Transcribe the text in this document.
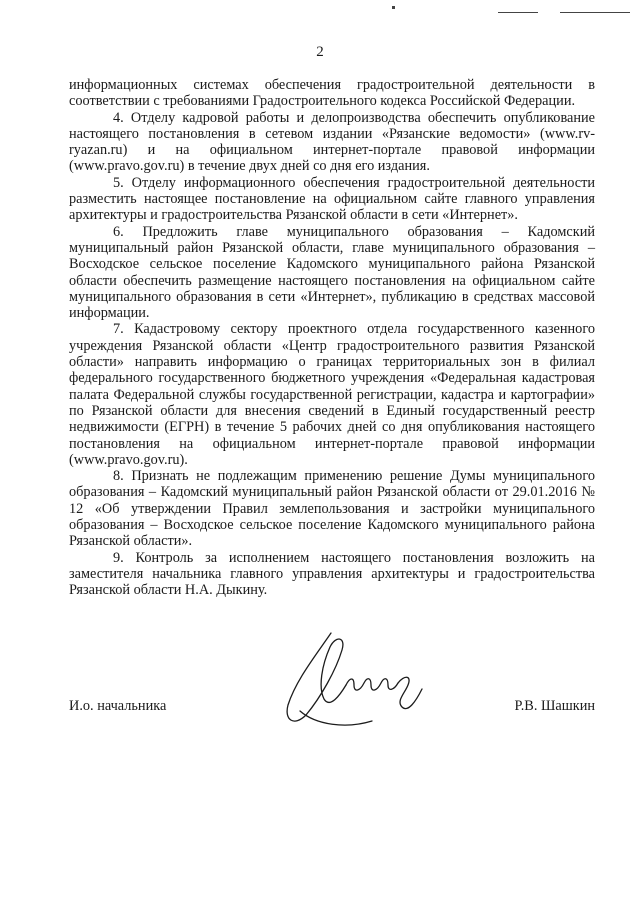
2

информационных системах обеспечения градостроительной деятельности в соответствии с требованиями Градостроительного кодекса Российской Федерации.

4. Отделу кадровой работы и делопроизводства обеспечить опубликование настоящего постановления в сетевом издании «Рязанские ведомости» (www.rv-ryazan.ru) и на официальном интернет-портале правовой информации (www.pravo.gov.ru) в течение двух дней со дня его издания.

5. Отделу информационного обеспечения градостроительной деятельности разместить настоящее постановление на официальном сайте главного управления архитектуры и градостроительства Рязанской области в сети «Интернет».

6. Предложить главе муниципального образования – Кадомский муниципальный район Рязанской области, главе муниципального образования – Восходское сельское поселение Кадомского муниципального района Рязанской области обеспечить размещение настоящего постановления на официальном сайте муниципального образования в сети «Интернет», публикацию в средствах массовой информации.

7. Кадастровому сектору проектного отдела государственного казенного учреждения Рязанской области «Центр градостроительного развития Рязанской области» направить информацию о границах территориальных зон в филиал федерального государственного бюджетного учреждения «Федеральная кадастровая палата Федеральной службы государственной регистрации, кадастра и картографии» по Рязанской области для внесения сведений в Единый государственный реестр недвижимости (ЕГРН) в течение 5 рабочих дней со дня опубликования настоящего постановления на официальном интернет-портале правовой информации (www.pravo.gov.ru).

8. Признать не подлежащим применению решение Думы муниципального образования – Кадомский муниципальный район Рязанской области от 29.01.2016 № 12 «Об утверждении Правил землепользования и застройки муниципального образования – Восходское сельское поселение Кадомского муниципального района Рязанской области».

9. Контроль за исполнением настоящего постановления возложить на заместителя начальника главного управления архитектуры и градостроительства Рязанской области Н.А. Дыкину.

И.о. начальника	Р.В. Шашкин
